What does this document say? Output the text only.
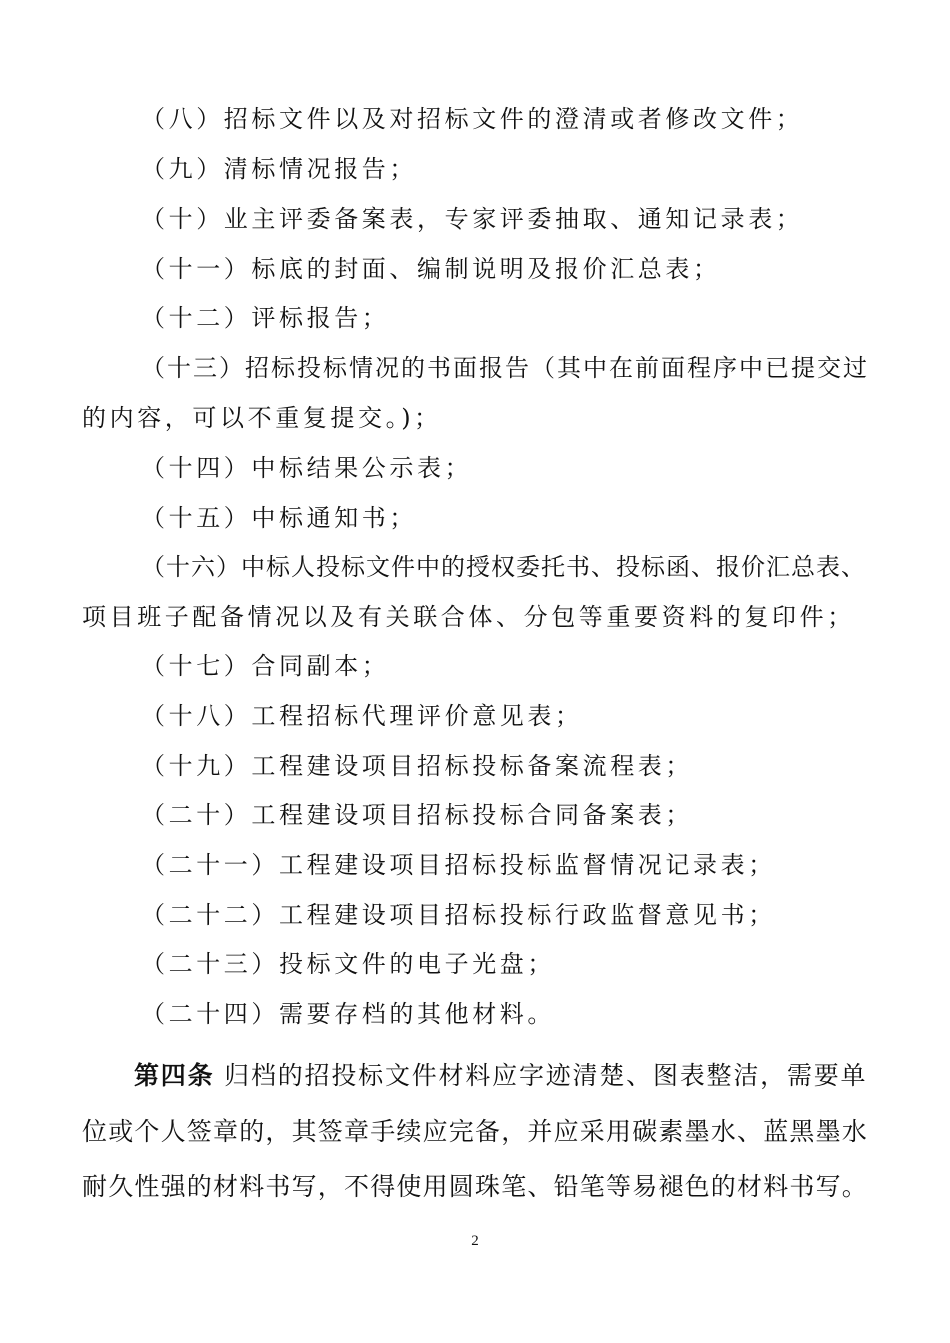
（八）招标文件以及对招标文件的澄清或者修改文件；
（九）清标情况报告；
（十）业主评委备案表，专家评委抽取、通知记录表；
（十一）标底的封面、编制说明及报价汇总表；
（十二）评标报告；
（十三）招标投标情况的书面报告（其中在前面程序中已提交过
的内容，可以不重复提交。)；
（十四）中标结果公示表；
（十五）中标通知书；
（十六）中标人投标文件中的授权委托书、投标函、报价汇总表、
项目班子配备情况以及有关联合体、分包等重要资料的复印件；
（十七）合同副本；
（十八）工程招标代理评价意见表；
（十九）工程建设项目招标投标备案流程表；
（二十）工程建设项目招标投标合同备案表；
（二十一）工程建设项目招标投标监督情况记录表；
（二十二）工程建设项目招标投标行政监督意见书；
（二十三）投标文件的电子光盘；
（二十四）需要存档的其他材料。
第四条 归档的招投标文件材料应字迹清楚、图表整洁，需要单
位或个人签章的，其签章手续应完备，并应采用碳素墨水、蓝黑墨水
耐久性强的材料书写，不得使用圆珠笔、铅笔等易褪色的材料书写。
2
